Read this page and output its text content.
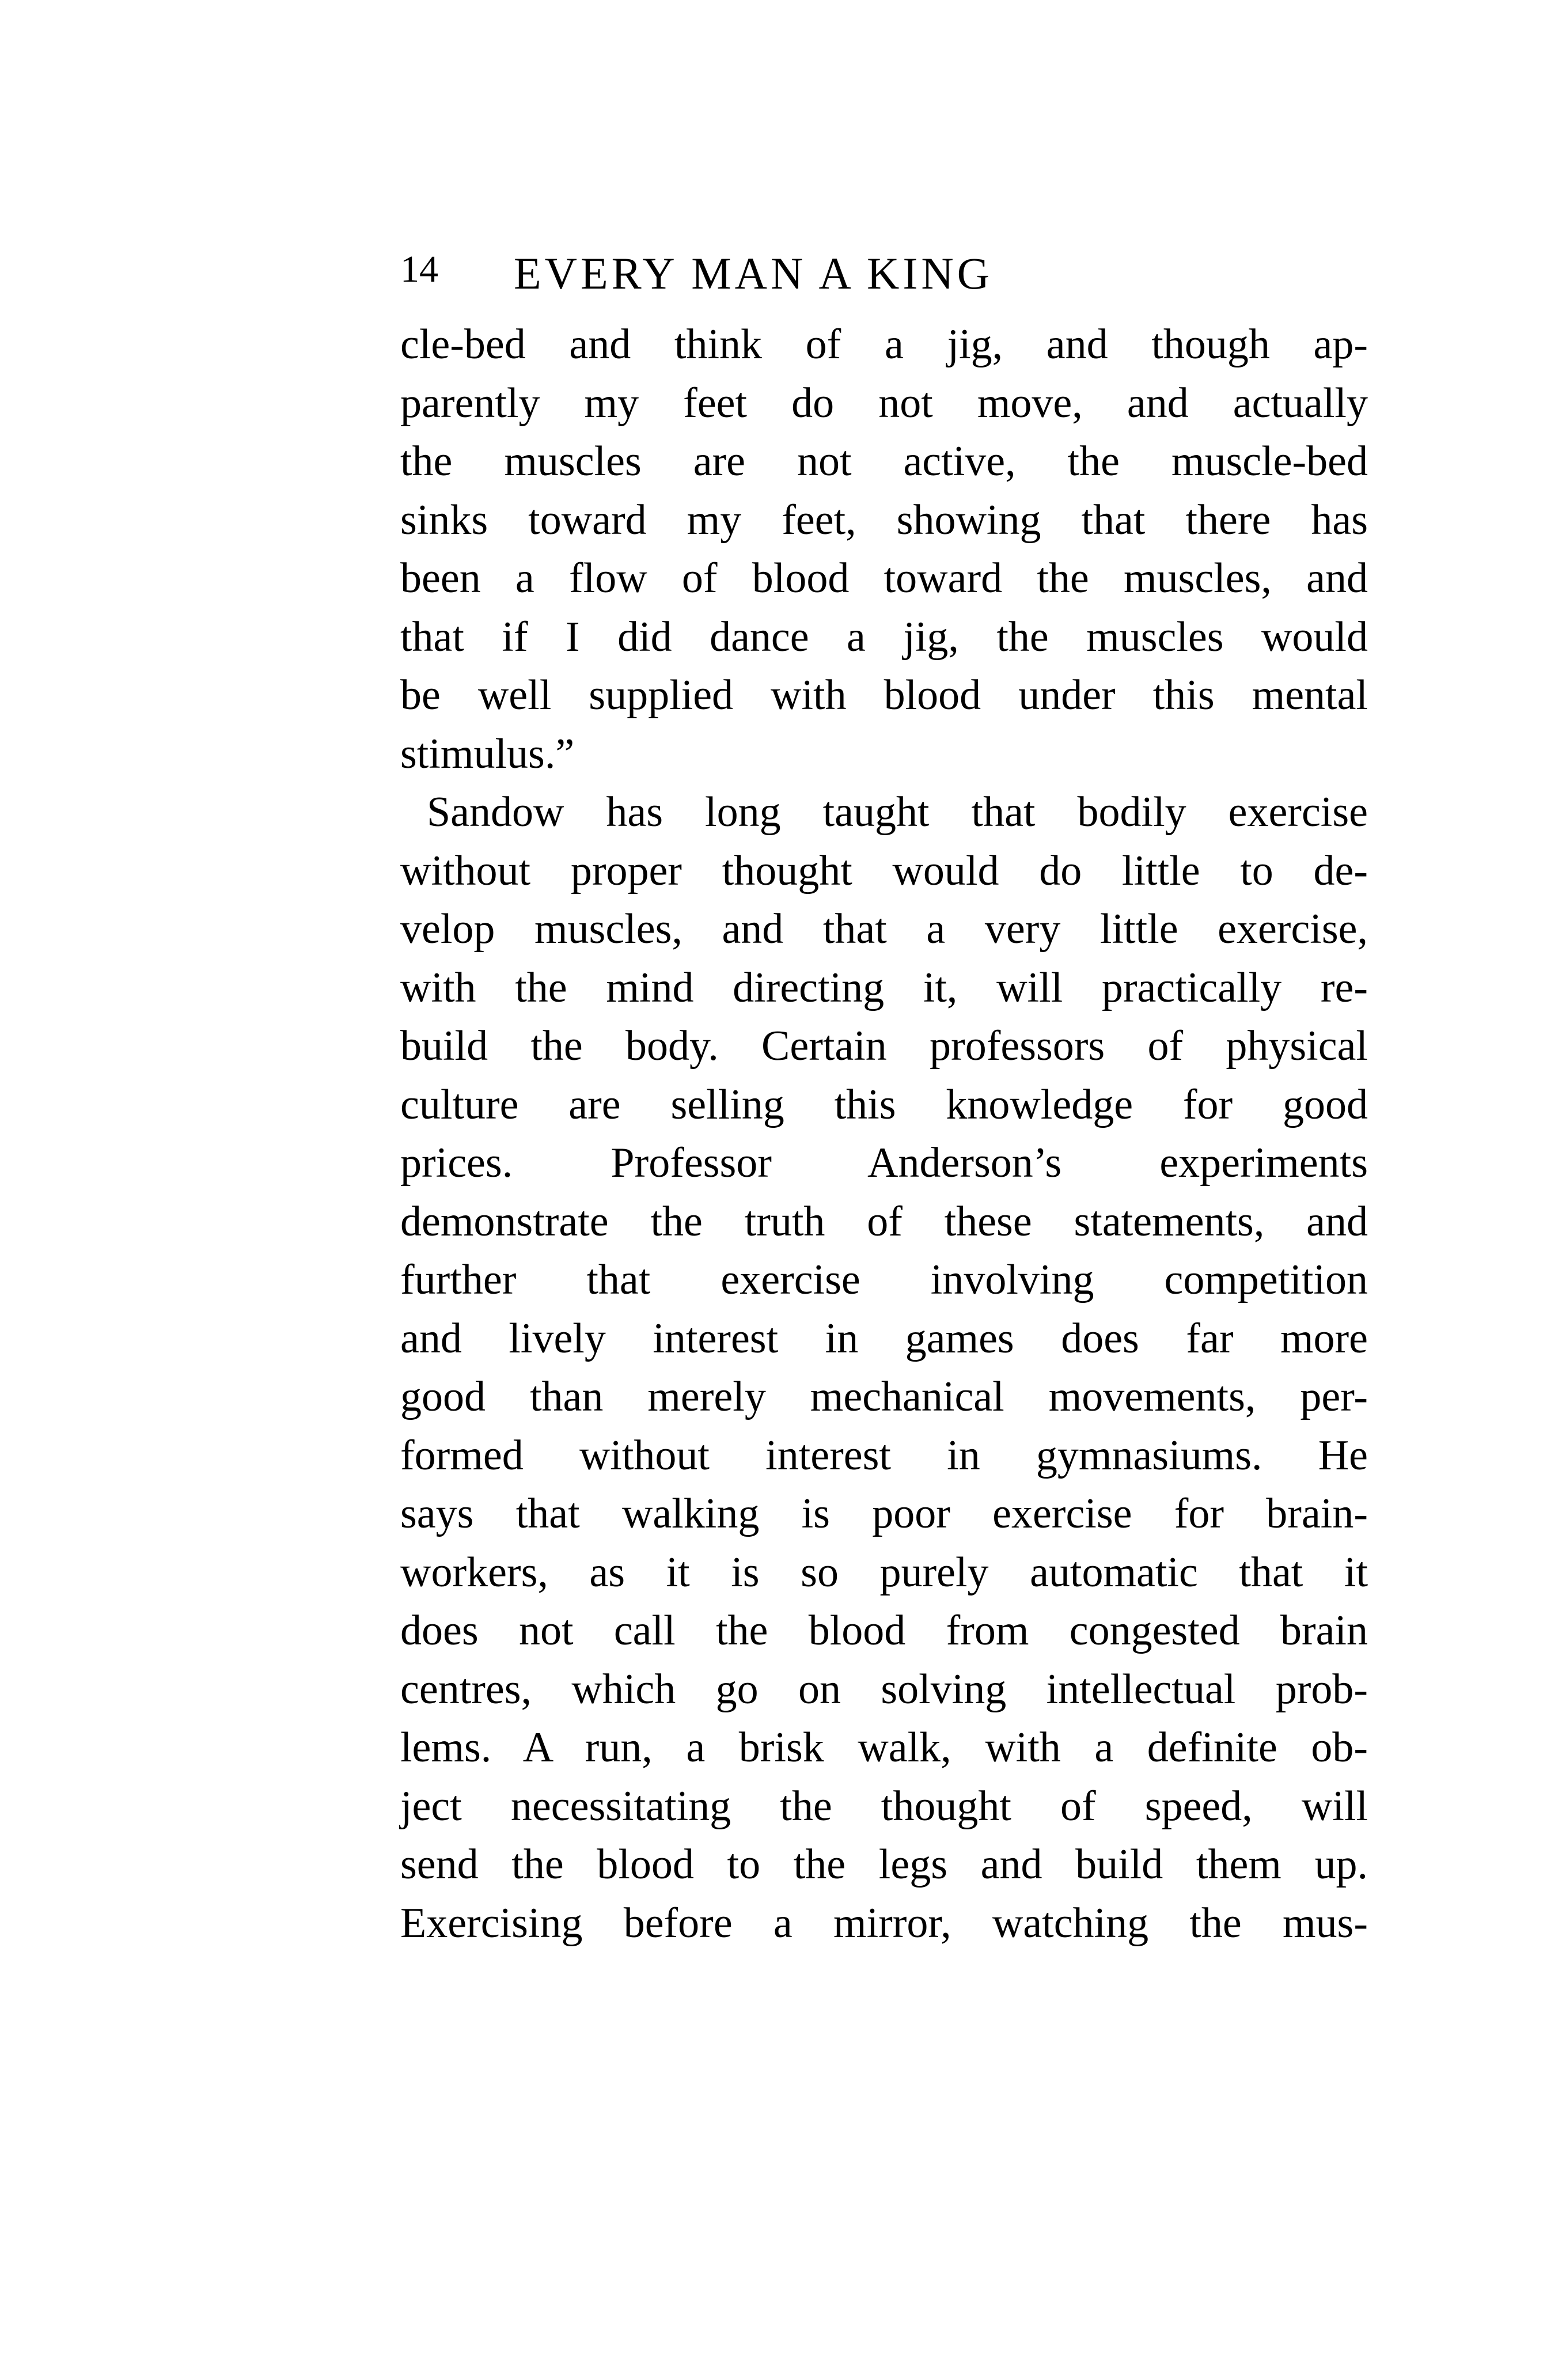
14 EVERY MAN A KING
cle-bed and think of a jig, and though ap-
parently my feet do not move, and actually
the muscles are not active, the muscle-bed
sinks toward my feet, showing that there has
been a flow of blood toward the muscles, and
that if I did dance a jig, the muscles would
be well supplied with blood under this mental
stimulus.”
Sandow has long taught that bodily exercise
without proper thought would do little to de-
velop muscles, and that a very little exercise,
with the mind directing it, will practically re-
build the body. Certain professors of physical
culture are selling this knowledge for good
prices. Professor Anderson’s experiments
demonstrate the truth of these statements, and
further that exercise involving competition
and lively interest in games does far more
good than merely mechanical movements, per-
formed without interest in gymnasiums. He
says that walking is poor exercise for brain-
workers, as it is so purely automatic that it
does not call the blood from congested brain
centres, which go on solving intellectual prob-
lems. A run, a brisk walk, with a definite ob-
ject necessitating the thought of speed, will
send the blood to the legs and build them up.
Exercising before a mirror, watching the mus-
